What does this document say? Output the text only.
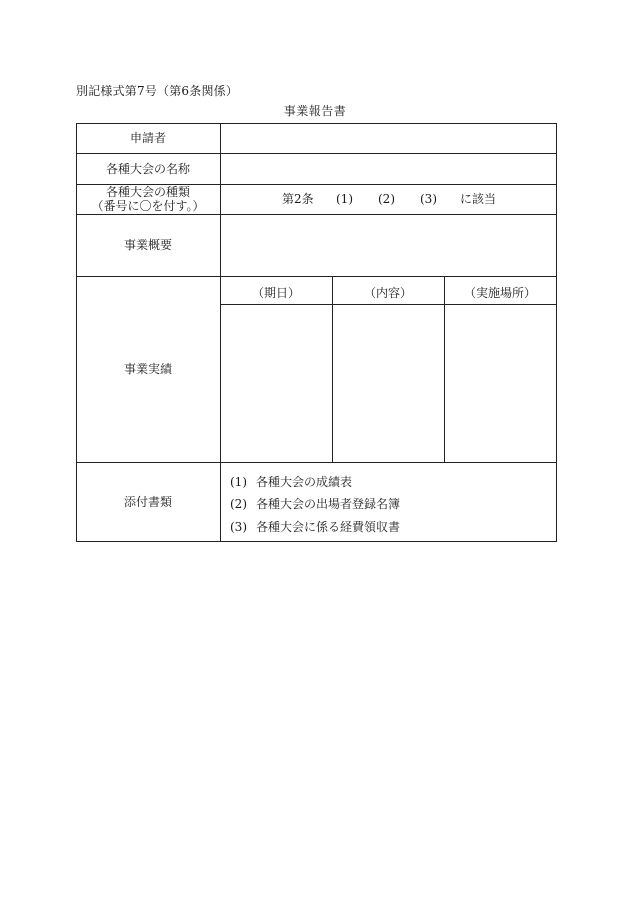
別記様式第7号（第6条関係）
事業報告書
申請者
各種大会の名称
各種大会の種類
（番号に〇を付す。）
事業概要
事業実績
添付書類
第2条 (1) (2) (3) に該当
（期日）	（内容）	（実施場所）
(1) 各種大会の成績表
(2) 各種大会の出場者登録名簿
(3) 各種大会に係る経費領収書
